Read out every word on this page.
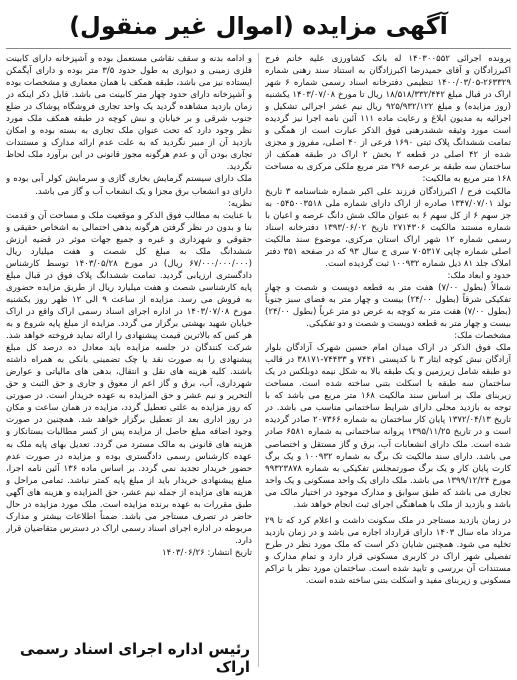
آگهی مزایده (اموال غیر منقول)

پرونده اجرائی ۱۴۰۳۰۰۵۵۲ له بانک کشاورزی علیه خانم فرح اکبرزادگان و آقای حمیدرضا اکبرزادگان به استناد سند رهنی شماره ۲۶۳۳۲۹-۱۴۰۰/۰۳/۰۵ تنظیمی دفترخانه اسناد رسمی شماره ۶ شهر اراک در قبال مبلغ ۱۸/۵۱۸/۳۳۲/۴۴۲ ریال تا مورخ ۱۴۰۳/۰۷/۰۸ یکشنبه (روز مزایده) و مبلغ ۹۲۵/۹۳۲/۱۲۲ ریال نیم عشر اجرائی تشکیل و اجرائیه به مدیون ابلاغ و رعایت ماده ۱۱۱ آئین نامه اجرا نیز گردیده است مورد وثیقه ششدرهنی فوق الذکر عبارت است از همگی و تمامت ششدانگ پلاک ثبتی ۱۶۹۰ فرعی از ۴۰ اصلی، مفروز و مجزی شده از ۴۲ اصلی در قطعه ۲ بخش ۲ اراک در طبقه همکف از ساختمان سه طبقه بر عرصه ۲۹۶ متر مربع ملکی مرکزی به مساحت ۱۶۸ متر مربع به مالکیت:

مالکیت فرح / اکبرزادگان فرزند علی اکبر شماره شناسنامه ۳ تاریخ تولد ۱۳۴۷/۰۷/۰۱ صادره از اراک دارای شماره ملی ۰۵۴۵۰۰۳۵۱۸ به جز سهم ۶ از کل سهم ۶ به عنوان مالک شش دانگ عرصه و اعیان با شماره مستند مالکیت ۲۷۱۴۳۰۶ تاریخ ۱۳۹۳/۰۶/۰۲ دفترخانه اسناد رسمی شماره ۱۲ شهر اراک استان مرکزی، موضوع سند مالکیت اصلی شماره چاپی ۷۰۵۳۱۷ سری ج سال ۹۳ که در صفحه ۳۵۱ دفتر املاک جلد ۸۱ ذیل شماره ۱۰۰۹۳۲ ثبت گردیده است.

حدود و ابعاد ملک:

شمالاً (بطول ۷/۰۰) هفت متر به قطعه دویست و شصت و چهار تفکیکی شرقاً (بطول ۲۴/۰۰) بیست و چهار متر به فضای سبز جنوباً (بطول ۷/۰۰) هفت متر به کوچه به عرض دو متر غرباً (بطول ۲۴/۰۰) بیست و چهار متر به قطعه دویست و شصت و دو تفکیکی.

مشخصات ملک:

ملک فوق الذکر در اراک میدان امام حسین شهرک آزادگان بلوار آزادگان نبش کوچه ایثار ۳ با کدپستی ۷۴۴۱ و ۷۴۴۳۳-۳۸۱۷۱ در قالب دو طبقه شامل زیرزمین و یک طبقه بالا به شکل نیمه دوبلکس در یک ساختمان سه طبقه با اسکلت بتنی ساخته شده است. مساحت زیربنای ملک بر اساس سند مالکیت ۱۶۸ متر مربع می باشد که با توجه به بازدید محلی دارای شرایط ساختمانی مناسب می باشد. در تاریخ ۱۳۷۲/۰۴/۱۳ پایان کار ساختمان به شماره ۲۰۷۳۶۶ صادر گردیده است و در تاریخ ۱۳۹۵/۱۱/۲۵ پروانه ساختمانی به شماره ۶۵۸۱ صادر شده است. ملک دارای انشعابات آب، برق و گاز مستقل و اختصاصی می باشد. دارای سند مالکیت تک برگ به شماره ۱۰۰۹۳۲ و یک برگ کارت پایان کار و یک برگ صورتمجلس تفکیکی به شماره ۹۹۳۲۳۸۷۸ مورخ ۱۳۹۹/۱۲/۲۴ می باشد. ملک دارای یک واحد مسکونی و یک واحد تجاری می باشد که طبق سوابق و مدارک موجود در اختیار مالک می باشد و بازدید از ملک با هماهنگی اجرای ثبت انجام خواهد شد.

در زمان بازدید مستاجر در ملک سکونت داشت و اعلام کرد که تا ۲۹ مرداد ماه سال ۱۴۰۳ دارای قرارداد اجاره می باشد و در زمان بازدید تخلیه می شود. همچنین شایان ذکر است که ملک مورد نظر در طرح تفصیلی شهر اراک در کاربری مسکونی قرار دارد و تمام مدارک و مستندات آن بررسی و تایید شده است. ساختمان مورد نظر با تراکم مسکونی و زیربنای مفید و اسکلت بتنی ساخته شده است.

و ادامه بدنه و سقف نقاشی مستعمل بوده و آشپزخانه دارای کابینت فلزی زمینی و دیواری به طول حدود ۳/۵ متر بوده و دارای آیگمکن ایستاده نیز می باشد، طبقه همکف با همان معماری و مشخصات بوده و آشپزخانه دارای حدود چهار متر کابینت می باشد. قابل ذکر اینکه در زمان بازدید مشاهده گردید یک واحد تجاری فروشگاه پوشاک در ضلع جنوب شرقی و بر خیابان و نبش کوچه در طبقه همکف ملک مورد نظر وجود دارد که تحت عنوان ملک تجاری به بسته بوده و امکان بازدید آن از مبیر نگردید که به علت عدم ارائه مدارک و مستندات تجاری بودن آن و عدم هرگونه مجوز قانونی در این برآورد ملک لحاظ نگردید.

ملک دارای سیستم گرمایش بخاری گازی و سرمایش کولر آبی بوده و دارای دو انشعاب برق مجزا و یک انشعاب آب و گاز می باشد.

نظریه:

با عنایت به مطالب فوق الذکر و موقعیت ملک و مساحت آن و قدمت بنا و بدون در نظر گرفتن هرگونه بدهی احتمالی به اشخاص حقیقی و حقوقی و شهرداری و غیره و جمیع جهات موثر در قضیه ارزش ششدانگ ملک به مبلغ کل شصت و هفت میلیارد ریال (۶۷/۰۰۰/۰۰۰/۰۰۰ ریال) در مورخ ۱۴۰۳/۰۵/۲۸ توسط کارشناس دادگستری ارزیابی گردید. تمامت ششدانگ پلاک فوق در قبال مبلغ پایه کارشناسی شصت و هفت میلیارد ریال از طریق مزایده حضوری به فروش می رسد. مزایده از ساعت ۹ الی ۱۲ ظهر روز یکشنبه مورخ ۱۴۰۳/۰۷/۰۸ در اداره اجرای اسناد رسمی اراک واقع در اراک خیابان شهید بهشتی برگزار می گردد. مزایده از مبلغ پایه شروع و به هر کس که بالاترین قیمت پیشنهادی را ارائه نماید فروخته خواهد شد. شرکت کنندگان در جلسه مزایده باید معادل ده درصد کل مبلغ پیشنهادی را به صورت نقد یا چک تضمینی بانکی به همراه داشته باشند. کلیه هزینه های نقل و انتقال، بدهی های مالیاتی و عوارض شهرداری، آب، برق و گاز اعم از معوق و جاری و حق الثبت و حق التحریر و نیم عشر و حق المزایده به عهده خریدار است. در صورتی که روز مزایده به علتی تعطیل گردد، مزایده در همان ساعت و مکان در روز اداری بعد از تعطیل برگزار خواهد شد. همچنین در صورت وجود اضافه مبلغ حاصل از مزایده پس از کسر مطالبات بستانکار و هزینه های قانونی به مالک مسترد می گردد. تعدیل بهای پایه ملک به عهده کارشناس رسمی دادگستری بوده و مزایده در صورت عدم حضور خریدار تجدید نمی گردد. بر اساس ماده ۱۳۶ آئین نامه اجرا، مبلغ پیشنهادی خریدار باید از مبلغ پایه کمتر نباشد. تمامی مراحل و هزینه های مزایده از جمله نیم عشر، حق المزایده و هزینه های آگهی طبق مقررات به عهده برنده مزایده است. ملک مورد مزایده در حال حاضر در تصرف مستاجر می باشد. ضمناً اطلاعات بیشتر و مدارک مربوطه در اداره اجرای اسناد رسمی اراک در دسترس متقاضیان قرار دارد.

تاریخ انتشار: ۱۴۰۳/۰۶/۲۶

رئیس اداره اجرای اسناد رسمی اراک
